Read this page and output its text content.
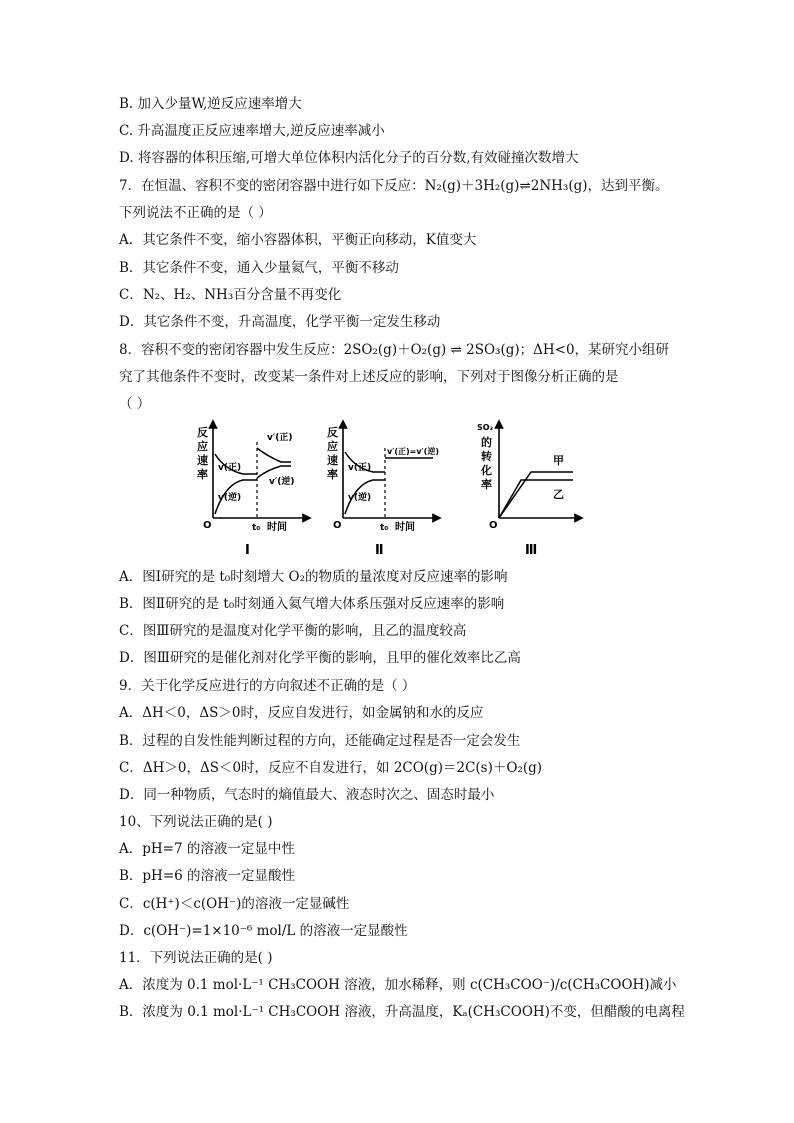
B. 加入少量W,逆反应速率增大
C. 升高温度正反应速率增大,逆反应速率减小
D. 将容器的体积压缩,可增大单位体积内活化分子的百分数,有效碰撞次数增大
7．在恒温、容积不变的密闭容器中进行如下反应：N₂(g)＋3H₂(g)⇌2NH₃(g)，达到平衡。
下列说法不正确的是（ ）
A．其它条件不变，缩小容器体积，平衡正向移动，K值变大
B．其它条件不变，通入少量氦气，平衡不移动
C．N₂、H₂、NH₃百分含量不再变化
D．其它条件不变，升高温度，化学平衡一定发生移动
8．容积不变的密闭容器中发生反应：2SO₂(g)＋O₂(g) ⇌ 2SO₃(g)；ΔH<0，某研究小组研
究了其他条件不变时，改变某一条件对上述反应的影响，下列对于图像分析正确的是
（ ）
反
应
速
率 v(正)
v(逆)
v′(正)
v′(逆)
O	t₀ 时间
Ⅰ
反
应
速
率 v(正)
v(逆)
v′(正)=v′(逆)
O	t₀ 时间
Ⅱ
SO₂
的
转
化
率
甲
乙
O
Ⅲ
A．图Ⅰ研究的是 t₀时刻增大 O₂的物质的量浓度对反应速率的影响
B．图Ⅱ研究的是 t₀时刻通入氦气增大体系压强对反应速率的影响
C．图Ⅲ研究的是温度对化学平衡的影响，且乙的温度较高
D．图Ⅲ研究的是催化剂对化学平衡的影响，且甲的催化效率比乙高
9．关于化学反应进行的方向叙述不正确的是（ ）
A．ΔH＜0，ΔS＞0时，反应自发进行，如金属钠和水的反应
B．过程的自发性能判断过程的方向，还能确定过程是否一定会发生
C．ΔH＞0，ΔS＜0时，反应不自发进行，如 2CO(g)＝2C(s)＋O₂(g)
D．同一种物质，气态时的熵值最大、液态时次之、固态时最小
10、下列说法正确的是( )
A．pH=7 的溶液一定显中性
B．pH=6 的溶液一定显酸性
C．c(H⁺)＜c(OH⁻)的溶液一定显碱性
D．c(OH⁻)=1×10⁻⁶ mol/L 的溶液一定显酸性
11．下列说法正确的是( )
A．浓度为 0.1 mol·L⁻¹ CH₃COOH 溶液，加水稀释，则 c(CH₃COO⁻)/c(CH₃COOH)减小
B．浓度为 0.1 mol·L⁻¹ CH₃COOH 溶液，升高温度，Kₐ(CH₃COOH)不变，但醋酸的电离程
